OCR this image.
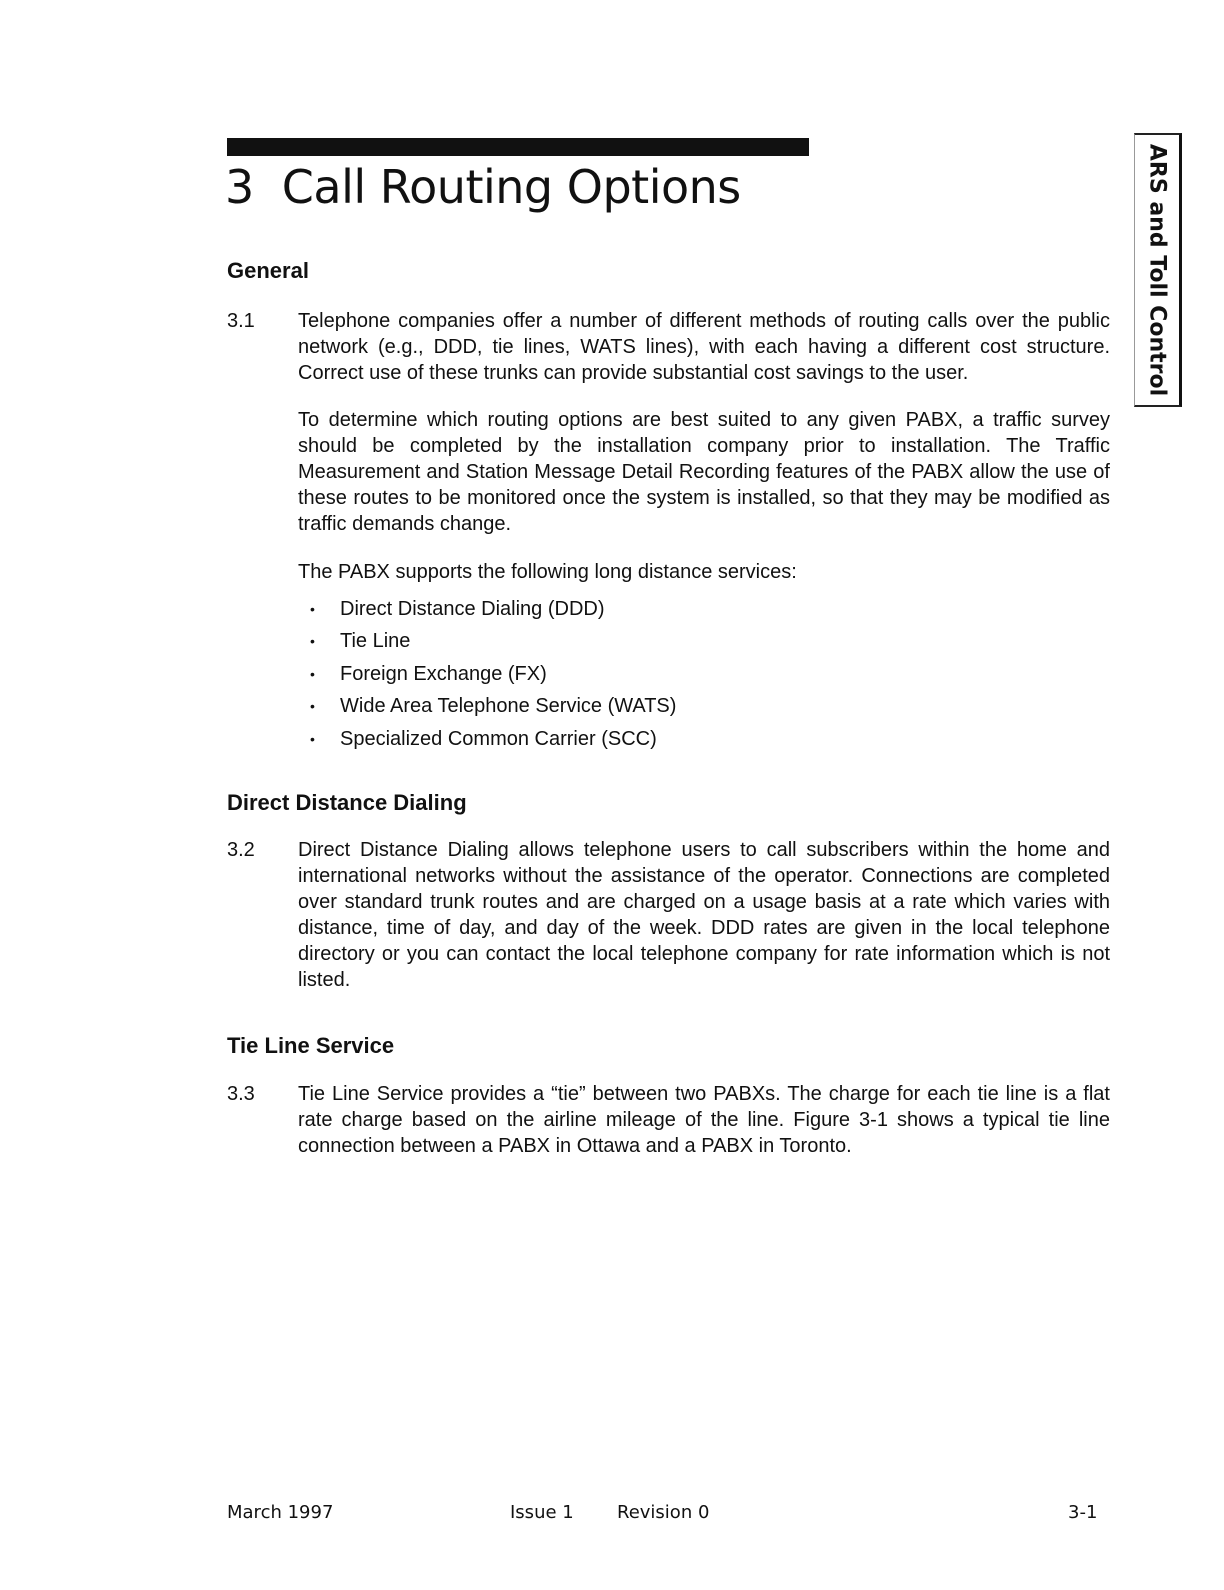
3 Call Routing Options	ARS and Toll Control
General
3.1 Telephone companies offer a number of different methods of routing calls over the public network (e.g., DDD, tie lines, WATS lines), with each having a different cost structure. Correct use of these trunks can provide substantial cost savings to the user.

To determine which routing options are best suited to any given PABX, a traffic survey should be completed by the installation company prior to installation. The Traffic Measurement and Station Message Detail Recording features of the PABX allow the use of these routes to be monitored once the system is installed, so that they may be modified as traffic demands change.

The PABX supports the following long distance services:

• Direct Distance Dialing (DDD)
• Tie Line
• Foreign Exchange (FX)
• Wide Area Telephone Service (WATS)
• Specialized Common Carrier (SCC)
Direct Distance Dialing
3.2 Direct Distance Dialing allows telephone users to call subscribers within the home and international networks without the assistance of the operator. Connections are completed over standard trunk routes and are charged on a usage basis at a rate which varies with distance, time of day, and day of the week. DDD rates are given in the local telephone directory or you can contact the local telephone company for rate information which is not listed.

Tie Line Service
3.3 Tie Line Service provides a “tie” between two PABXs. The charge for each tie line is a flat rate charge based on the airline mileage of the line. Figure 3-1 shows a typical tie line connection between a PABX in Ottawa and a PABX in Toronto.

March 1997	Issue 1 Revision 0	3-1
